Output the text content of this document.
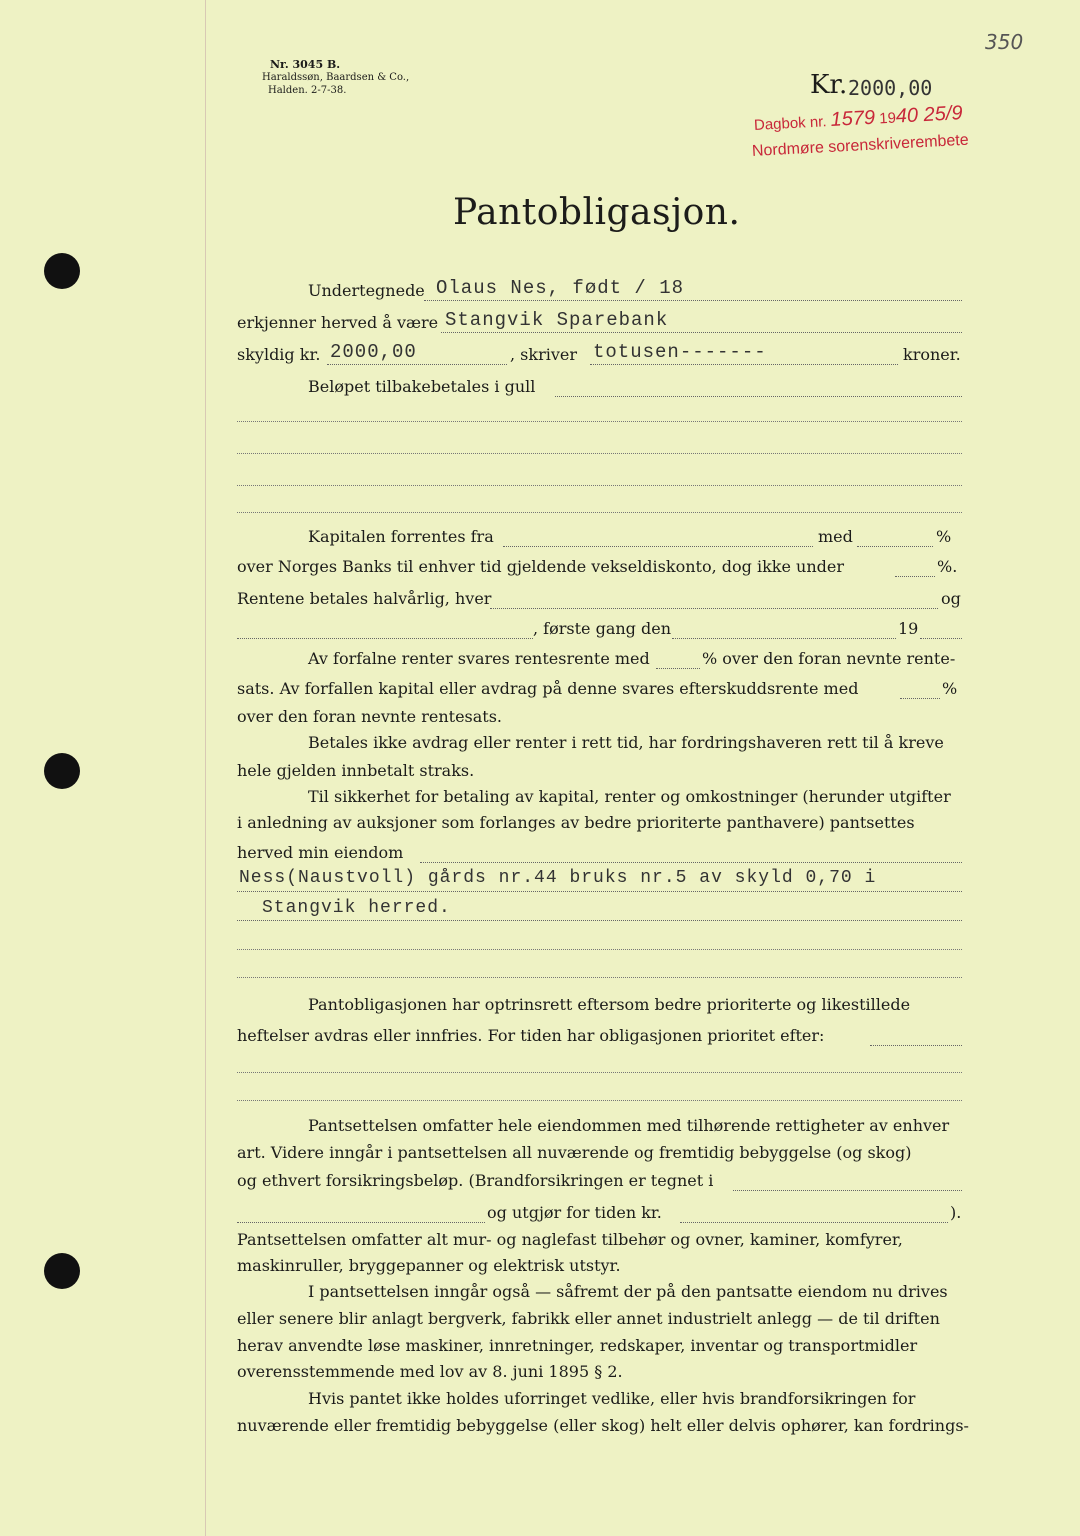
350
Nr. 3045 B.
Haraldssøn, Baardsen & Co.,
Halden. 2-7-38.	Kr. 2000,00
Dagbok nr. 1579 1940 25/9
Nordmøre sorenskriverembete
Pantobligasjon.
Undertegnede Olaus Nes, født / 18
erkjenner herved å være Stangvik Sparebank
skyldig kr. 2000,00	, skriver totusen-------	kroner.
Beløpet tilbakebetales i gull
Kapitalen forrentes fra	med	%
over Norges Banks til enhver tid gjeldende vekseldiskonto, dog ikke under	%.
Rentene betales halvårlig, hver	og
, første gang den	19
Av forfalne renter svares rentesrente med	% over den foran nevnte rente-
sats. Av forfallen kapital eller avdrag på denne svares efterskuddsrente med	%
over den foran nevnte rentesats.
Betales ikke avdrag eller renter i rett tid, har fordringshaveren rett til å kreve
hele gjelden innbetalt straks.
Til sikkerhet for betaling av kapital, renter og omkostninger (herunder utgifter
i anledning av auksjoner som forlanges av bedre prioriterte panthavere) pantsettes
herved min eiendom
Ness(Naustvoll) gårds nr.44 bruks nr.5 av skyld 0,70 i
Stangvik herred.
Pantobligasjonen har optrinsrett eftersom bedre prioriterte og likestillede
heftelser avdras eller innfries. For tiden har obligasjonen prioritet efter:
Pantsettelsen omfatter hele eiendommen med tilhørende rettigheter av enhver
art. Videre inngår i pantsettelsen all nuværende og fremtidig bebyggelse (og skog)
og ethvert forsikringsbeløp. (Brandforsikringen er tegnet i
og utgjør for tiden kr.	).
Pantsettelsen omfatter alt mur- og naglefast tilbehør og ovner, kaminer, komfyrer,
maskinruller, bryggepanner og elektrisk utstyr.
I pantsettelsen inngår også — såfremt der på den pantsatte eiendom nu drives
eller senere blir anlagt bergverk, fabrikk eller annet industrielt anlegg — de til driften
herav anvendte løse maskiner, innretninger, redskaper, inventar og transportmidler
overensstemmende med lov av 8. juni 1895 § 2.
Hvis pantet ikke holdes uforringet vedlike, eller hvis brandforsikringen for
nuværende eller fremtidig bebyggelse (eller skog) helt eller delvis ophører, kan fordrings-
